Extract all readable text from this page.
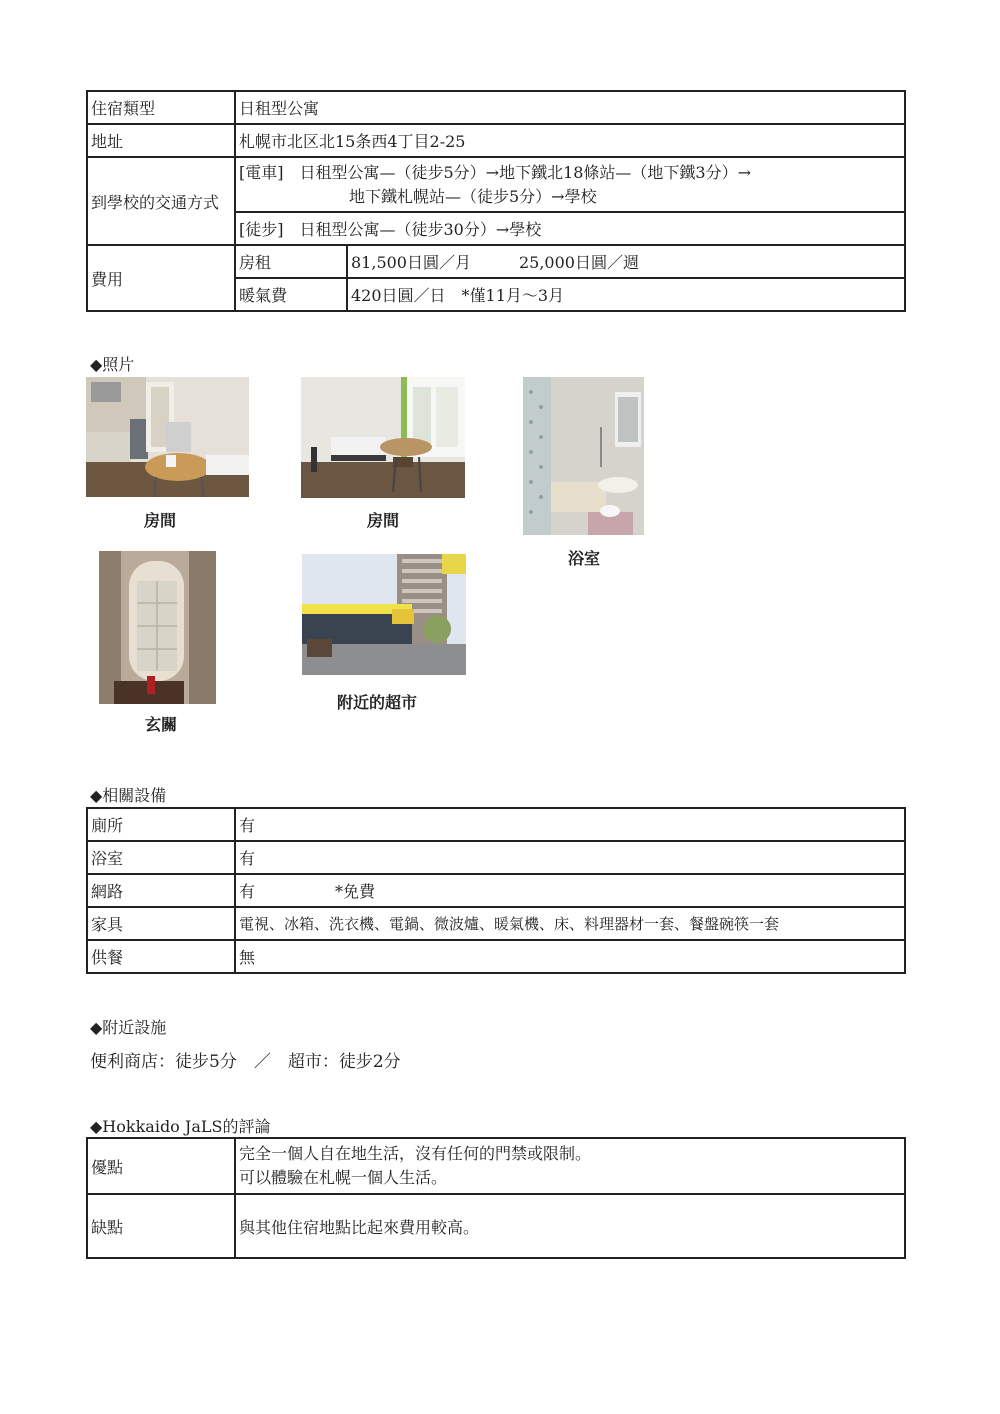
住宿類型	日租型公寓	
地址	札幌市北区北15条西4丁目2-25	
到學校的交通方式	[電車]　日租型公寓—（徒步5分）→地下鐵北18條站—（地下鐵3分）→
地下鐵札幌站—（徒步5分）→學校	

	[徒步]　日租型公寓—（徒步30分）→學校	
費用	房租	81,500日圓／月　　　25,000日圓／週
	暖氣費	420日圓／日　*僅11月～3月
◆照片
房間	房間
浴室
玄關
附近的超市
◆相關設備
廁所	有
浴室	有
網路	有　　　　　*免費
家具	電視、冰箱、洗衣機、電鍋、微波爐、暖氣機、床、料理器材一套、餐盤碗筷一套
供餐	無
◆附近設施
便利商店：徒步5分　／　超市：徒步2分
◆Hokkaido JaLS的評論
優點	完全一個人自在地生活，沒有任何的門禁或限制。
可以體驗在札幌一個人生活。

缺點	與其他住宿地點比起來費用較高。
